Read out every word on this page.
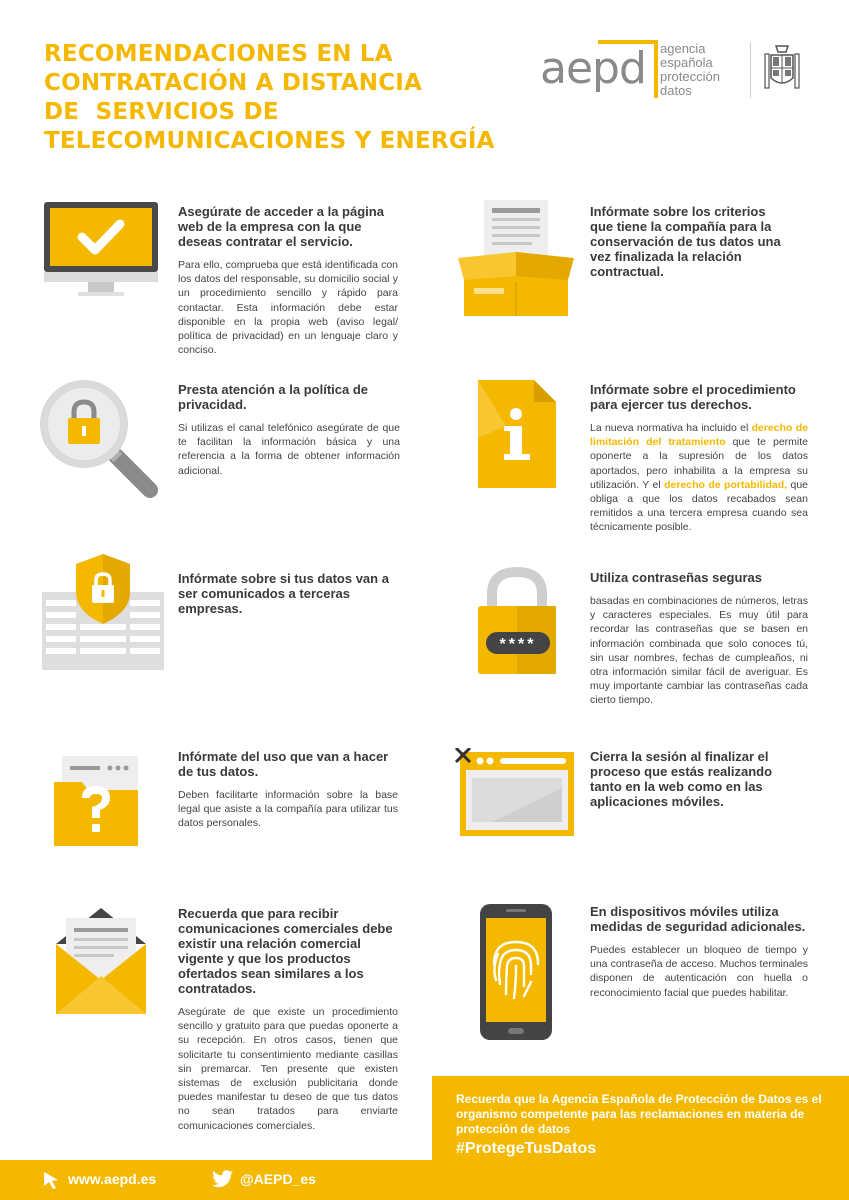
RECOMENDACIONES EN LA
CONTRATACIÓN A DISTANCIA
DE  SERVICIOS DE
TELECOMUNICACIONES Y ENERGÍA
aepd agencia
española
protección
datos
****
Asegúrate de acceder a la página web de la empresa con la que deseas contratar el servicio.
Para ello, comprueba que está identificada con los datos del responsable, su domicilio social y un procedimiento sencillo y rápido para contactar. Esta información debe estar disponible en la propia web (aviso legal/ política de privacidad) en un lenguaje claro y conciso.
Infórmate sobre los criterios que tiene la compañía para la conservación de tus datos una vez finalizada la relación contractual.
Presta atención a la política de privacidad.
Si utilizas el canal telefónico asegúrate de que te facilitan la información básica y una referencia a la forma de obtener información adicional.
Infórmate sobre el procedimiento para ejercer tus derechos.
La nueva normativa ha incluido el derecho de limitación del tratamiento que te permite oponerte a la supresión de los datos aportados, pero inhabilita a la empresa su utilización. Y el derecho de portabilidad, que obliga a que los datos recabados sean remitidos a una tercera empresa cuando sea técnicamente posible.
Infórmate sobre si tus datos van a ser comunicados a terceras empresas.
Utiliza contraseñas seguras
basadas en combinaciones de números, letras y caracteres especiales. Es muy útil para recordar las contraseñas que se basen en información combinada que solo conoces tú, sin usar nombres, fechas de cumpleaños, ni otra información similar fácil de averiguar. Es muy importante cambiar las contraseñas cada cierto tiempo.
Infórmate del uso que van a hacer de tus datos.
Deben facilitarte información sobre la base legal que asiste a la compañía para utilizar tus datos personales.
Cierra la sesión al finalizar el proceso que estás realizando tanto en la web como en las aplicaciones móviles.
Recuerda que para recibir comunicaciones comerciales debe existir una relación comercial vigente y que los productos ofertados sean similares a los contratados.
Asegúrate de que existe un procedimiento sencillo y gratuito para que puedas oponerte a su recepción. En otros casos, tienen que solicitarte tu consentimiento mediante casillas sin premarcar. Ten presente que existen sistemas de exclusión publicitaria donde puedes manifestar tu deseo de que tus datos no sean tratados para enviarte comunicaciones comerciales.
En dispositivos móviles utiliza medidas de seguridad adicionales.
Puedes establecer un bloqueo de tiempo y una contraseña de acceso. Muchos terminales disponen de autenticación con huella o reconocimiento facial que puedes habilitar.
Recuerda que la Agencia Española de Protección de Datos es el organismo competente para las reclamaciones en materia de protección de datos
#ProtegeTusDatos
www.aepd.es	@AEPD_es
